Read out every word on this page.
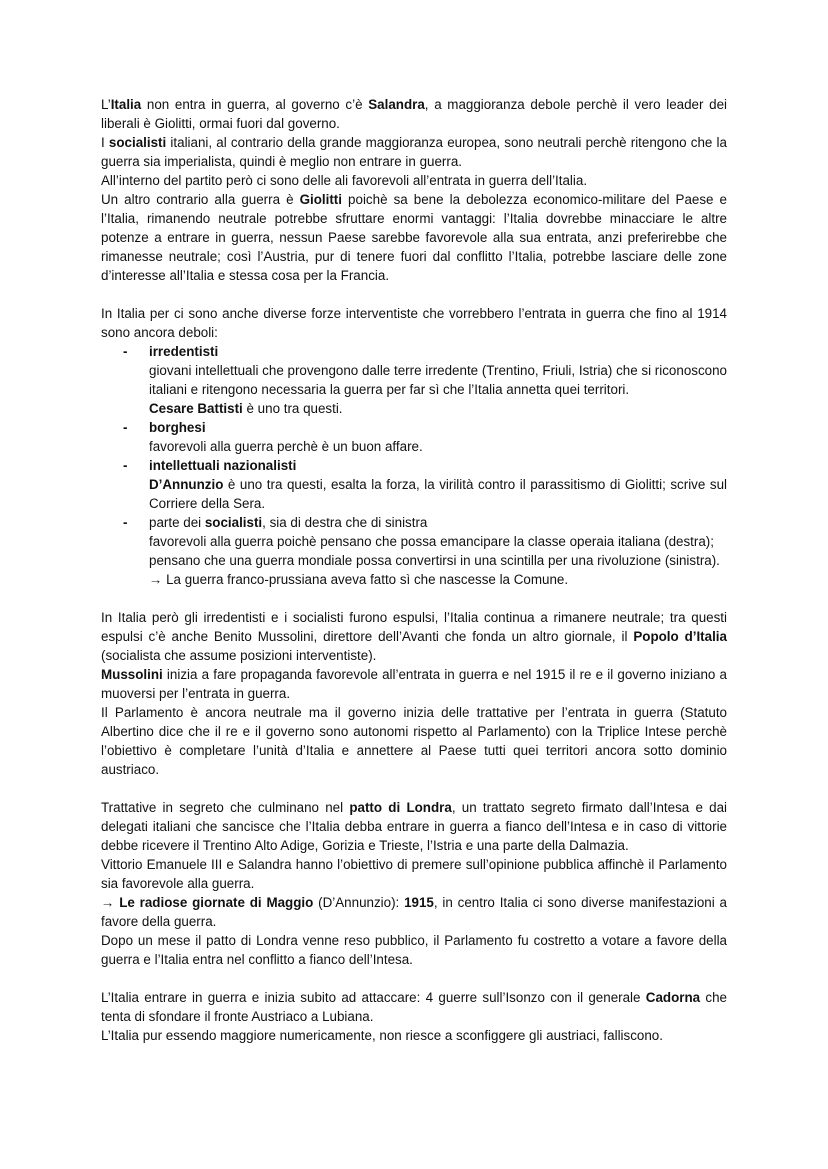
L’Italia non entra in guerra, al governo c’è Salandra, a maggioranza debole perchè il vero leader dei liberali è Giolitti, ormai fuori dal governo.

I socialisti italiani, al contrario della grande maggioranza europea, sono neutrali perchè ritengono che la guerra sia imperialista, quindi è meglio non entrare in guerra.

All’interno del partito però ci sono delle ali favorevoli all’entrata in guerra dell’Italia.

Un altro contrario alla guerra è Giolitti poichè sa bene la debolezza economico-militare del Paese e l’Italia, rimanendo neutrale potrebbe sfruttare enormi vantaggi: l’Italia dovrebbe minacciare le altre potenze a entrare in guerra, nessun Paese sarebbe favorevole alla sua entrata, anzi preferirebbe che rimanesse neutrale; così l’Austria, pur di tenere fuori dal conflitto l’Italia, potrebbe lasciare delle zone d’interesse all’Italia e stessa cosa per la Francia.

In Italia per ci sono anche diverse forze interventiste che vorrebbero l’entrata in guerra che fino al 1914 sono ancora deboli:

- irredentisti

giovani intellettuali che provengono dalle terre irredente (Trentino, Friuli, Istria) che si riconoscono italiani e ritengono necessaria la guerra per far sì che l’Italia annetta quei territori.

Cesare Battisti è uno tra questi.

- borghesi

favorevoli alla guerra perchè è un buon affare.

- intellettuali nazionalisti

D’Annunzio è uno tra questi, esalta la forza, la virilità contro il parassitismo di Giolitti; scrive sul Corriere della Sera.

- parte dei socialisti, sia di destra che di sinistra

favorevoli alla guerra poichè pensano che possa emancipare la classe operaia italiana (destra);

pensano che una guerra mondiale possa convertirsi in una scintilla per una rivoluzione (sinistra).

→ La guerra franco-prussiana aveva fatto sì che nascesse la Comune.

In Italia però gli irredentisti e i socialisti furono espulsi, l’Italia continua a rimanere neutrale; tra questi espulsi c’è anche Benito Mussolini, direttore dell’Avanti che fonda un altro giornale, il Popolo d’Italia (socialista che assume posizioni interventiste).

Mussolini inizia a fare propaganda favorevole all’entrata in guerra e nel 1915 il re e il governo iniziano a muoversi per l’entrata in guerra.

Il Parlamento è ancora neutrale ma il governo inizia delle trattative per l’entrata in guerra (Statuto Albertino dice che il re e il governo sono autonomi rispetto al Parlamento) con la Triplice Intese perchè l’obiettivo è completare l’unità d’Italia e annettere al Paese tutti quei territori ancora sotto dominio austriaco.

Trattative in segreto che culminano nel patto di Londra, un trattato segreto firmato dall’Intesa e dai delegati italiani che sancisce che l’Italia debba entrare in guerra a fianco dell’Intesa e in caso di vittorie debbe ricevere il Trentino Alto Adige, Gorizia e Trieste, l’Istria e una parte della Dalmazia.

Vittorio Emanuele III e Salandra hanno l’obiettivo di premere sull’opinione pubblica affinchè il Parlamento sia favorevole alla guerra.

→ Le radiose giornate di Maggio (D’Annunzio): 1915, in centro Italia ci sono diverse manifestazioni a favore della guerra.

Dopo un mese il patto di Londra venne reso pubblico, il Parlamento fu costretto a votare a favore della guerra e l’Italia entra nel conflitto a fianco dell’Intesa.

L’Italia entrare in guerra e inizia subito ad attaccare: 4 guerre sull’Isonzo con il generale Cadorna che tenta di sfondare il fronte Austriaco a Lubiana.

L’Italia pur essendo maggiore numericamente, non riesce a sconfiggere gli austriaci, falliscono.
